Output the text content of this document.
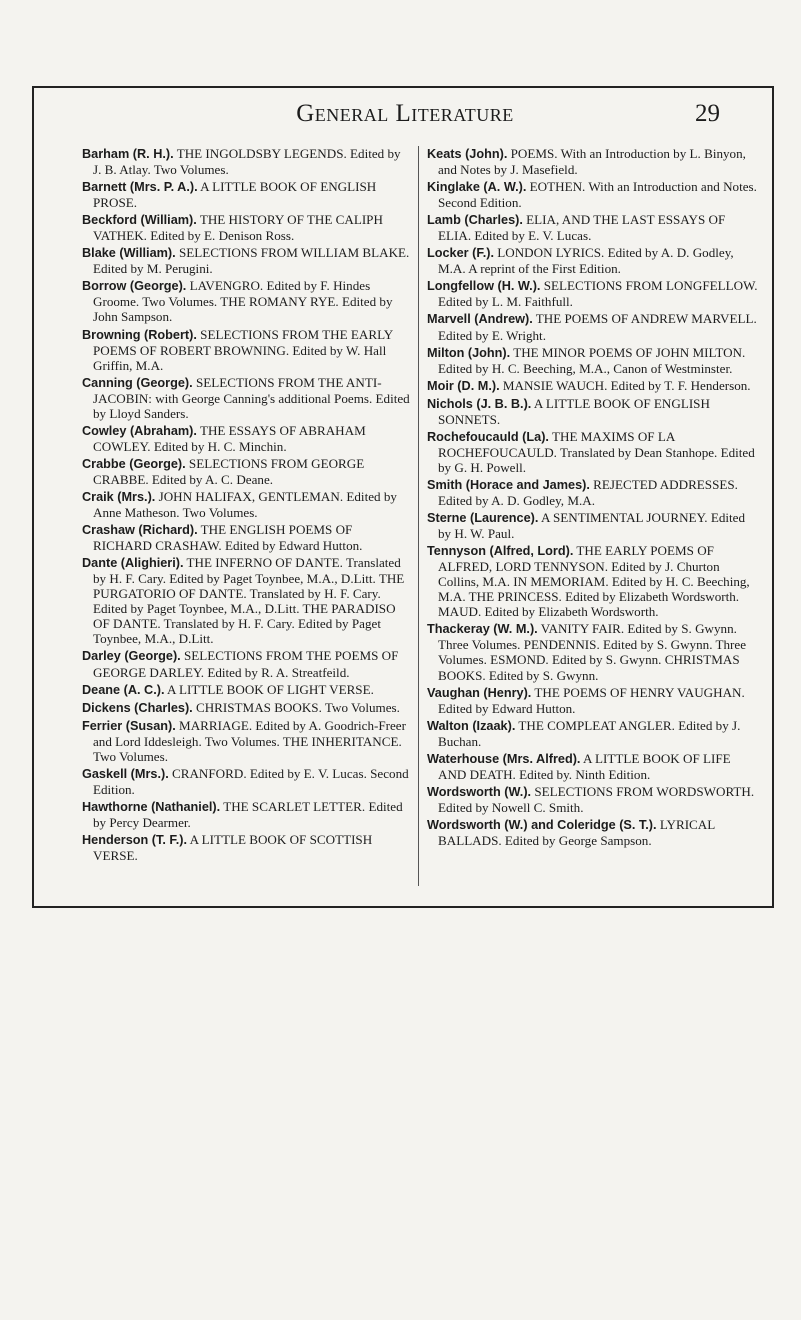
General Literature	29

Barham (R. H.). THE INGOLDSBY LEGENDS. Edited by J. B. Atlay. Two Volumes.

Barnett (Mrs. P. A.). A LITTLE BOOK OF ENGLISH PROSE.

Beckford (William). THE HISTORY OF THE CALIPH VATHEK. Edited by E. Denison Ross.

Blake (William). SELECTIONS FROM WILLIAM BLAKE. Edited by M. Perugini.

Borrow (George). LAVENGRO. Edited by F. Hindes Groome. Two Volumes. THE ROMANY RYE. Edited by John Sampson.

Browning (Robert). SELECTIONS FROM THE EARLY POEMS OF ROBERT BROWNING. Edited by W. Hall Griffin, M.A.

Canning (George). SELECTIONS FROM THE ANTI-JACOBIN: with George Canning's additional Poems. Edited by Lloyd Sanders.

Cowley (Abraham). THE ESSAYS OF ABRAHAM COWLEY. Edited by H. C. Minchin.

Crabbe (George). SELECTIONS FROM GEORGE CRABBE. Edited by A. C. Deane.

Craik (Mrs.). JOHN HALIFAX, GENTLEMAN. Edited by Anne Matheson. Two Volumes.

Crashaw (Richard). THE ENGLISH POEMS OF RICHARD CRASHAW. Edited by Edward Hutton.

Dante (Alighieri). THE INFERNO OF DANTE. Translated by H. F. Cary. Edited by Paget Toynbee, M.A., D.Litt. THE PURGATORIO OF DANTE. Translated by H. F. Cary. Edited by Paget Toynbee, M.A., D.Litt. THE PARADISO OF DANTE. Translated by H. F. Cary. Edited by Paget Toynbee, M.A., D.Litt.

Darley (George). SELECTIONS FROM THE POEMS OF GEORGE DARLEY. Edited by R. A. Streatfeild.

Deane (A. C.). A LITTLE BOOK OF LIGHT VERSE.

Dickens (Charles). CHRISTMAS BOOKS. Two Volumes.

Ferrier (Susan). MARRIAGE. Edited by A. Goodrich-Freer and Lord Iddesleigh. Two Volumes. THE INHERITANCE. Two Volumes.

Gaskell (Mrs.). CRANFORD. Edited by E. V. Lucas. Second Edition.

Hawthorne (Nathaniel). THE SCARLET LETTER. Edited by Percy Dearmer.

Henderson (T. F.). A LITTLE BOOK OF SCOTTISH VERSE.

Keats (John). POEMS. With an Introduction by L. Binyon, and Notes by J. Masefield.

Kinglake (A. W.). EOTHEN. With an Introduction and Notes. Second Edition.

Lamb (Charles). ELIA, AND THE LAST ESSAYS OF ELIA. Edited by E. V. Lucas.

Locker (F.). LONDON LYRICS. Edited by A. D. Godley, M.A. A reprint of the First Edition.

Longfellow (H. W.). SELECTIONS FROM LONGFELLOW. Edited by L. M. Faithfull.

Marvell (Andrew). THE POEMS OF ANDREW MARVELL. Edited by E. Wright.

Milton (John). THE MINOR POEMS OF JOHN MILTON. Edited by H. C. Beeching, M.A., Canon of Westminster.

Moir (D. M.). MANSIE WAUCH. Edited by T. F. Henderson.

Nichols (J. B. B.). A LITTLE BOOK OF ENGLISH SONNETS.

Rochefoucauld (La). THE MAXIMS OF LA ROCHEFOUCAULD. Translated by Dean Stanhope. Edited by G. H. Powell.

Smith (Horace and James). REJECTED ADDRESSES. Edited by A. D. Godley, M.A.

Sterne (Laurence). A SENTIMENTAL JOURNEY. Edited by H. W. Paul.

Tennyson (Alfred, Lord). THE EARLY POEMS OF ALFRED, LORD TENNYSON. Edited by J. Churton Collins, M.A. IN MEMORIAM. Edited by H. C. Beeching, M.A. THE PRINCESS. Edited by Elizabeth Wordsworth. MAUD. Edited by Elizabeth Wordsworth.

Thackeray (W. M.). VANITY FAIR. Edited by S. Gwynn. Three Volumes. PENDENNIS. Edited by S. Gwynn. Three Volumes. ESMOND. Edited by S. Gwynn. CHRISTMAS BOOKS. Edited by S. Gwynn.

Vaughan (Henry). THE POEMS OF HENRY VAUGHAN. Edited by Edward Hutton.

Walton (Izaak). THE COMPLEAT ANGLER. Edited by J. Buchan.

Waterhouse (Mrs. Alfred). A LITTLE BOOK OF LIFE AND DEATH. Edited by. Ninth Edition.

Wordsworth (W.). SELECTIONS FROM WORDSWORTH. Edited by Nowell C. Smith.

Wordsworth (W.) and Coleridge (S. T.). LYRICAL BALLADS. Edited by George Sampson.
